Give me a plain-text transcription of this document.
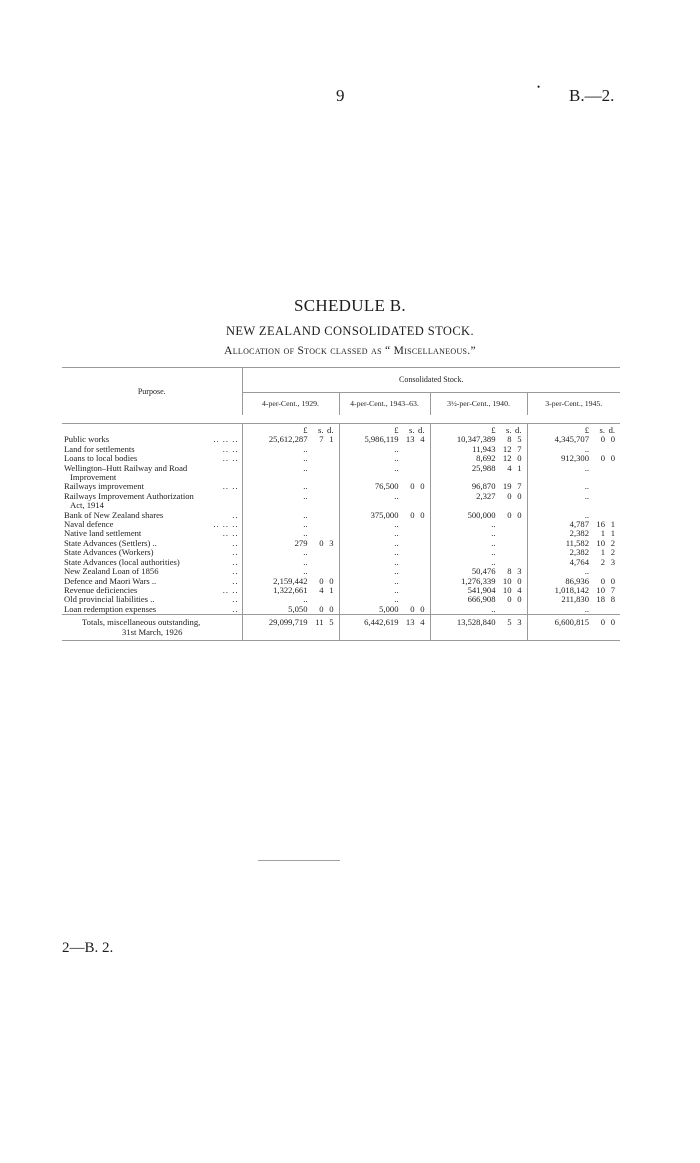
9	• B.—2.
SCHEDULE B.
NEW ZEALAND CONSOLIDATED STOCK.
Allocation of Stock classed as “ Miscellaneous.”
Purpose.	Consolidated Stock.			
	4-per-Cent., 1929.	4-per-Cent., 1943–63.	3½-per-Cent., 1940.	3-per-Cent., 1945.

	£ s. d.	£ s. d.	£ s. d.	£ s. d.

Public works .. .. ..	25,612,287 7 1	5,986,119 13 4	10,347,389 8 5	4,345,707 0 0

Land for settlements .. ..	..	..	11,943 12 7	..

Loans to local bodies .. ..	..	..	8,692 12 0	912,300 0 0

Wellington–Hutt Railway and Road	..	..	25,988 4 1	..

Improvement				

Railways improvement .. ..	..	76,500 0 0	96,870 19 7	..

Railways Improvement Authorization	..	..	2,327 0 0	..

Act, 1914				

Bank of New Zealand shares ..	..	375,000 0 0	500,000 0 0	..

Naval defence .. .. ..	..	..	..	4,787 16 1

Native land settlement .. ..	..	..	..	2,382 1 1

State Advances (Settlers) .. ..	279 0 3	..	..	11,582 10 2

State Advances (Workers) ..	..	..	..	2,382 1 2

State Advances (local authorities) ..	..	..	..	4,764 2 3

New Zealand Loan of 1856 ..	..	..	50,476 8 3	..

Defence and Maori Wars .. ..	2,159,442 0 0	..	1,276,339 10 0	86,936 0 0

Revenue deficiencies .. ..	1,322,661 4 1	..	541,904 10 4	1,018,142 10 7

Old provincial liabilities .. ..	..	..	666,908 0 0	211,830 18 8

Loan redemption expenses ..	5,050 0 0	5,000 0 0	..	..

Totals, miscellaneous outstanding,
31st March, 1926	29,099,719 11 5	6,442,619 13 4	13,528,840 5 3	6,600,815 0 0
2—B. 2.
